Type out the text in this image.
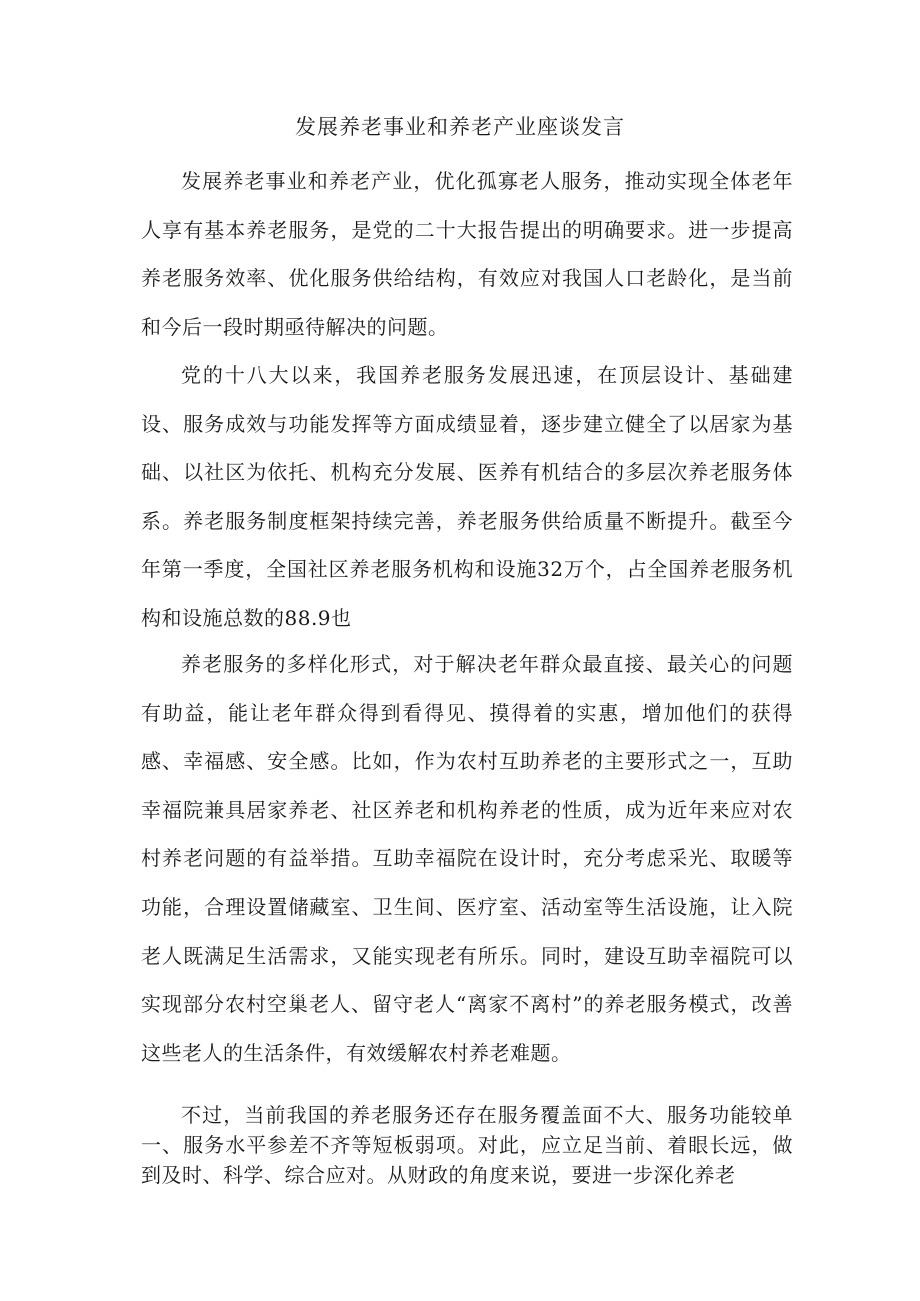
发展养老事业和养老产业座谈发言

发展养老事业和养老产业，优化孤寡老人服务，推动实现全体老年人享有基本养老服务，是党的二十大报告提出的明确要求。进一步提高养老服务效率、优化服务供给结构，有效应对我国人口老龄化，是当前和今后一段时期亟待解决的问题。

党的十八大以来，我国养老服务发展迅速，在顶层设计、基础建设、服务成效与功能发挥等方面成绩显着，逐步建立健全了以居家为基础、以社区为依托、机构充分发展、医养有机结合的多层次养老服务体系。养老服务制度框架持续完善，养老服务供给质量不断提升。截至今年第一季度，全国社区养老服务机构和设施32万个，占全国养老服务机构和设施总数的88.9也

养老服务的多样化形式，对于解决老年群众最直接、最关心的问题有助益，能让老年群众得到看得见、摸得着的实惠，增加他们的获得感、幸福感、安全感。比如，作为农村互助养老的主要形式之一，互助幸福院兼具居家养老、社区养老和机构养老的性质，成为近年来应对农村养老问题的有益举措。互助幸福院在设计时，充分考虑采光、取暖等功能，合理设置储藏室、卫生间、医疗室、活动室等生活设施，让入院老人既满足生活需求，又能实现老有所乐。同时，建设互助幸福院可以实现部分农村空巢老人、留守老人“离家不离村”的养老服务模式，改善这些老人的生活条件，有效缓解农村养老难题。

不过，当前我国的养老服务还存在服务覆盖面不大、服务功能较单一、服务水平参差不齐等短板弱项。对此，应立足当前、着眼长远，做到及时、科学、综合应对。从财政的角度来说，要进一步深化养老
